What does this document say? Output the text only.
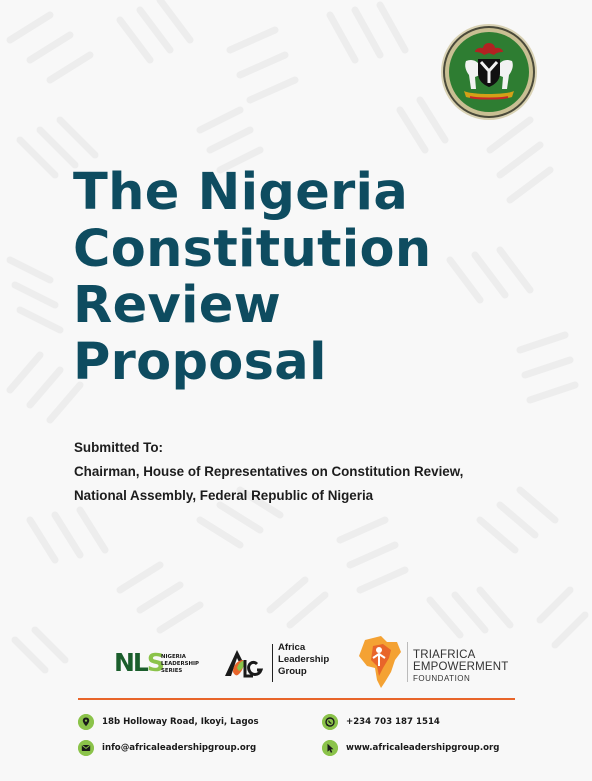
The Nigeria
Constitution
Review
Proposal
Submitted To:
Chairman, House of Representatives on Constitution Review,
National Assembly, Federal Republic of Nigeria
NLS
NIGERIA
LEADERSHIP
SERIES
Africa
Leadership
Group
TRIAFRICA
EMPOWERMENT
FOUNDATION
18b Holloway Road, Ikoyi, Lagos	+234 703 187 1514
info@africaleadershipgroup.org	www.africaleadershipgroup.org
